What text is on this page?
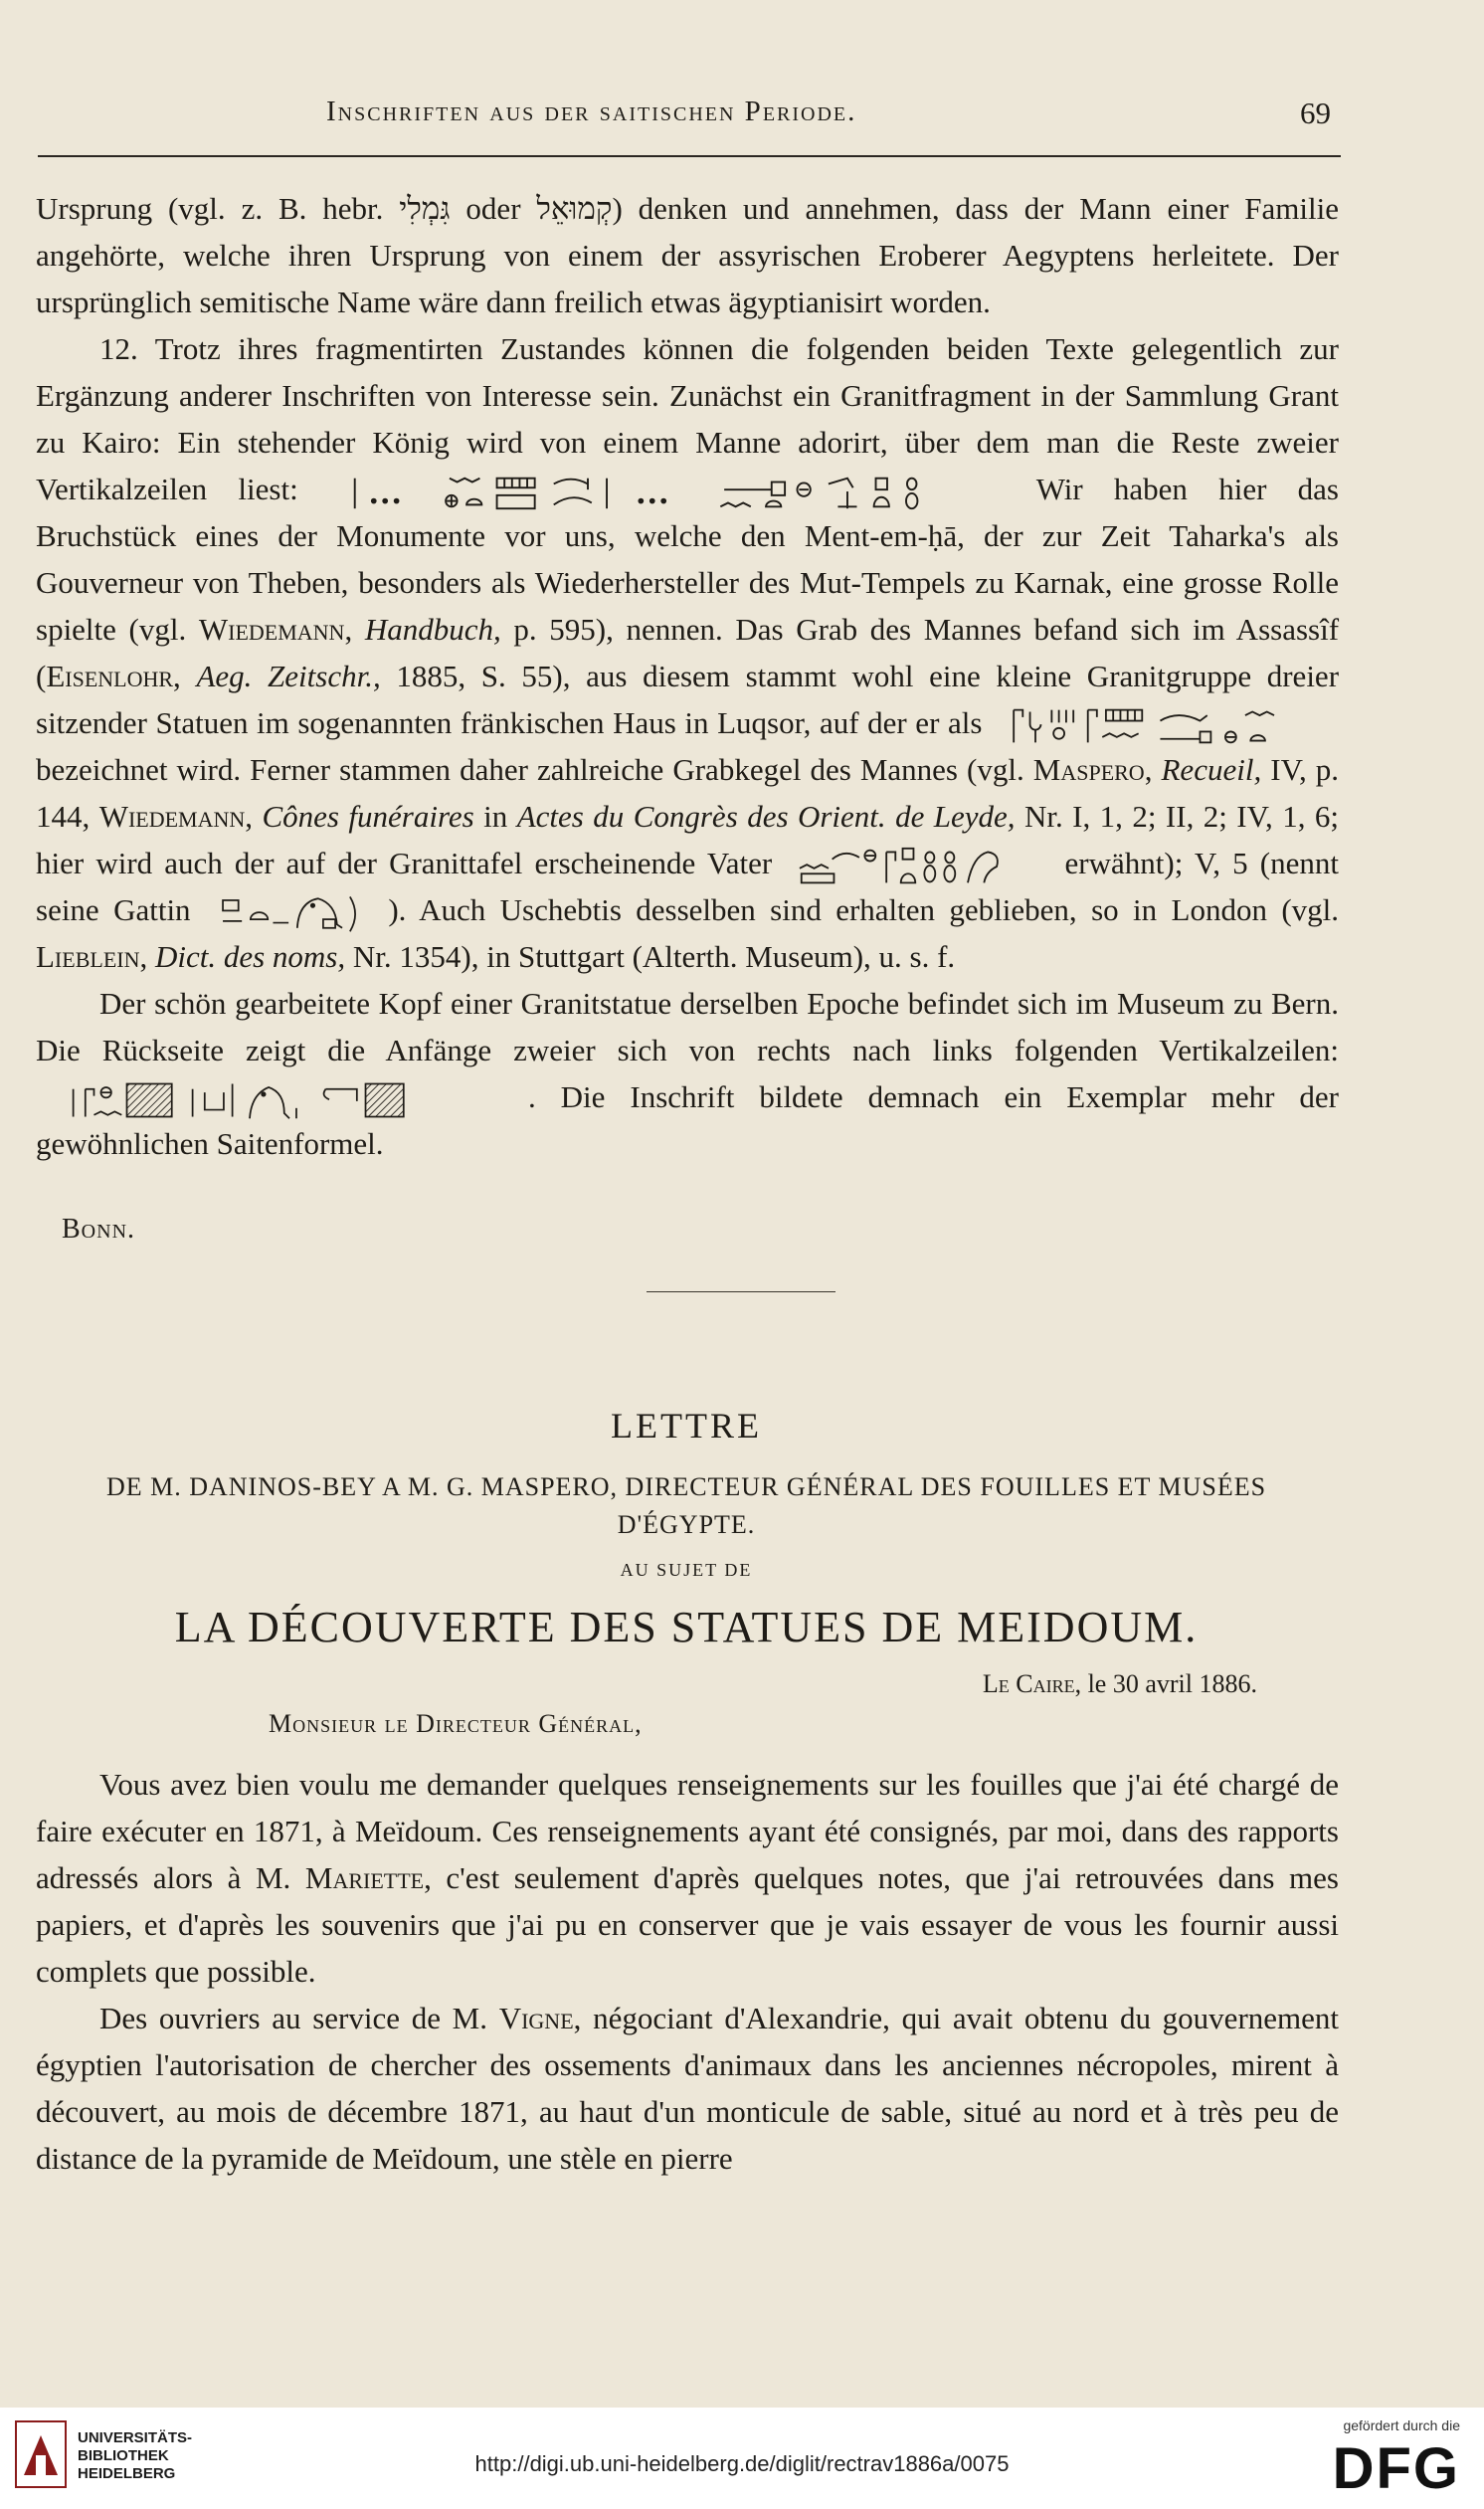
Inschriften aus der saitischen Periode.	69

Ursprung (vgl. z. B. hebr. גִּמְלִי oder קְמוּאֵל) denken und annehmen, dass der Mann einer Familie angehörte, welche ihren Ursprung von einem der assyrischen Eroberer Aegyptens herleitete. Der ursprünglich semitische Name wäre dann freilich etwas ägyptianisirt worden.

12. Trotz ihres fragmentirten Zustandes können die folgenden beiden Texte gelegentlich zur Ergänzung anderer Inschriften von Interesse sein. Zunächst ein Granitfragment in der Sammlung Grant zu Kairo: Ein stehender König wird von einem Manne adorirt, über dem man die Reste zweier Vertikalzeilen liest:	Wir haben hier das Bruchstück eines der Monumente vor uns, welche den Ment-em-ḥā, der zur Zeit Taharka's als Gouverneur von Theben, besonders als Wiederhersteller des Mut-Tempels zu Karnak, eine grosse Rolle spielte (vgl. Wiedemann, Handbuch, p. 595), nennen. Das Grab des Mannes befand sich im Assassîf (Eisenlohr, Aeg. Zeitschr., 1885, S. 55), aus diesem stammt wohl eine kleine Granitgruppe dreier sitzender Statuen im sogenannten fränkischen Haus in Luqsor, auf der er als  bezeichnet wird. Ferner stammen daher zahlreiche Grabkegel des Mannes (vgl. Maspero, Recueil, IV, p. 144, Wiedemann, Cônes funéraires in Actes du Congrès des Orient. de Leyde, Nr. I, 1, 2; II, 2; IV, 1, 6; hier wird auch der auf der Granittafel erscheinende Vater	erwähnt); V, 5 (nennt seine Gattin	). Auch Uschebtis desselben sind erhalten geblieben, so in London (vgl. Lieblein, Dict. des noms, Nr. 1354), in Stuttgart (Alterth. Museum), u. s. f.

Der schön gearbeitete Kopf einer Granitstatue derselben Epoche befindet sich im Museum zu Bern. Die Rückseite zeigt die Anfänge zweier sich von rechts nach links folgenden Vertikalzeilen:  . Die Inschrift bildete demnach ein Exemplar mehr der gewöhnlichen Saitenformel.

Bonn.
LETTRE
DE M. DANINOS-BEY A M. G. MASPERO, DIRECTEUR GÉNÉRAL DES FOUILLES ET MUSÉES D'ÉGYPTE.
AU SUJET DE
LA DÉCOUVERTE DES STATUES DE MEIDOUM.
Le Caire, le 30 avril 1886.
Monsieur le Directeur Général,

Vous avez bien voulu me demander quelques renseignements sur les fouilles que j'ai été chargé de faire exécuter en 1871, à Meïdoum. Ces renseignements ayant été consignés, par moi, dans des rapports adressés alors à M. Mariette, c'est seulement d'après quelques notes, que j'ai retrouvées dans mes papiers, et d'après les souvenirs que j'ai pu en conserver que je vais essayer de vous les fournir aussi complets que possible.

Des ouvriers au service de M. Vigne, négociant d'Alexandrie, qui avait obtenu du gouvernement égyptien l'autorisation de chercher des ossements d'animaux dans les anciennes nécropoles, mirent à découvert, au mois de décembre 1871, au haut d'un monticule de sable, situé au nord et à très peu de distance de la pyramide de Meïdoum, une stèle en pierre

UNIVERSITÄTS-
BIBLIOTHEK
HEIDELBERG	http://digi.ub.uni-heidelberg.de/diglit/rectrav1886a/0075
gefördert durch die
DFG
